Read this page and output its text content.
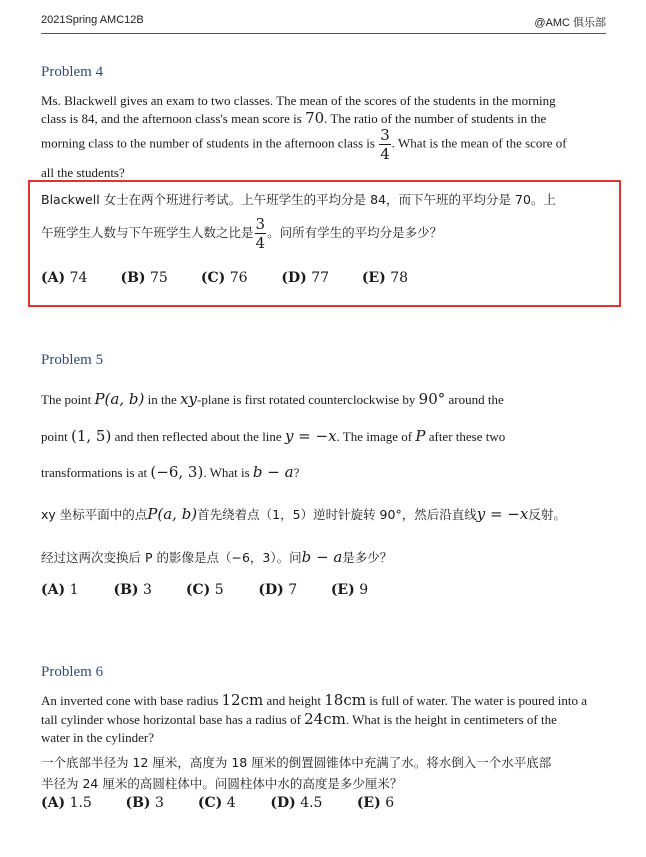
2021Spring AMC12B	@AMC 俱乐部
Problem 4
Ms. Blackwell gives an exam to two classes. The mean of the scores of the students in the morning
class is 84, and the afternoon class's mean score is 70. The ratio of the number of students in the
morning class to the number of students in the afternoon class is $\frac{3}{4}$ . What is the mean of the score of
all the students?
Blackwell 女士在两个班进行考试。上午班学生的平均分是 84，而下午班的平均分是 70。上
午班学生人数与下午班学生人数之比是 $\frac{3}{4}$ 。问所有学生的平均分是多少？
(A) 74 (B) 75 (C) 76 (D) 77 (E) 78
Problem 5
The point P(a, b) in the xy-plane is first rotated counterclockwise by 90° around the
point (1, 5) and then reflected about the line y = −x. The image of P after these two
transformations is at (−6, 3). What is b − a?
xy 坐标平面中的点P(a, b)首先绕着点（1，5）逆时针旋转 90°，然后沿直线y = −x反射。
经过这两次变换后 P 的影像是点（−6，3）。问b − a是多少？
(A) 1 (B) 3 (C) 5 (D) 7 (E) 9
Problem 6
An inverted cone with base radius 12cm and height 18cm is full of water. The water is poured into a
tall cylinder whose horizontal base has a radius of 24cm. What is the height in centimeters of the
water in the cylinder?
一个底部半径为 12 厘米，高度为 18 厘米的倒置圆锥体中充满了水。将水倒入一个水平底部
半径为 24 厘米的高圆柱体中。问圆柱体中水的高度是多少厘米？
(A) 1.5 (B) 3 (C) 4 (D) 4.5 (E) 6
